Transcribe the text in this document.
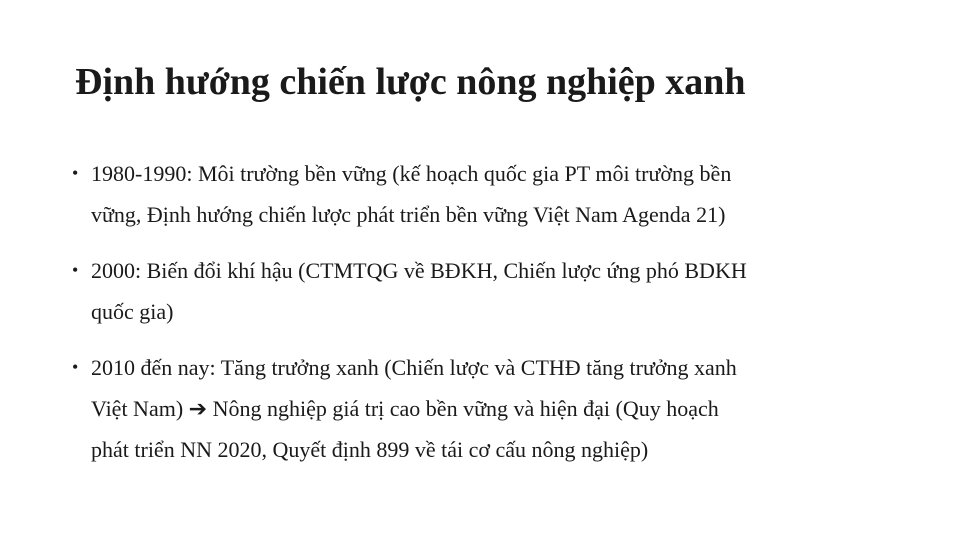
Định hướng chiến lược nông nghiệp xanh
• 1980-1990: Môi trường bền vững (kế hoạch quốc gia PT môi trường bền
vững, Định hướng chiến lược phát triển bền vững Việt Nam Agenda 21)
• 2000: Biến đổi khí hậu (CTMTQG về BĐKH, Chiến lược ứng phó BDKH
quốc gia)
• 2010 đến nay: Tăng trưởng xanh (Chiến lược và CTHĐ tăng trưởng xanh
Việt Nam) ➔ Nông nghiệp giá trị cao bền vững và hiện đại (Quy hoạch
phát triển NN 2020, Quyết định 899 về tái cơ cấu nông nghiệp)
